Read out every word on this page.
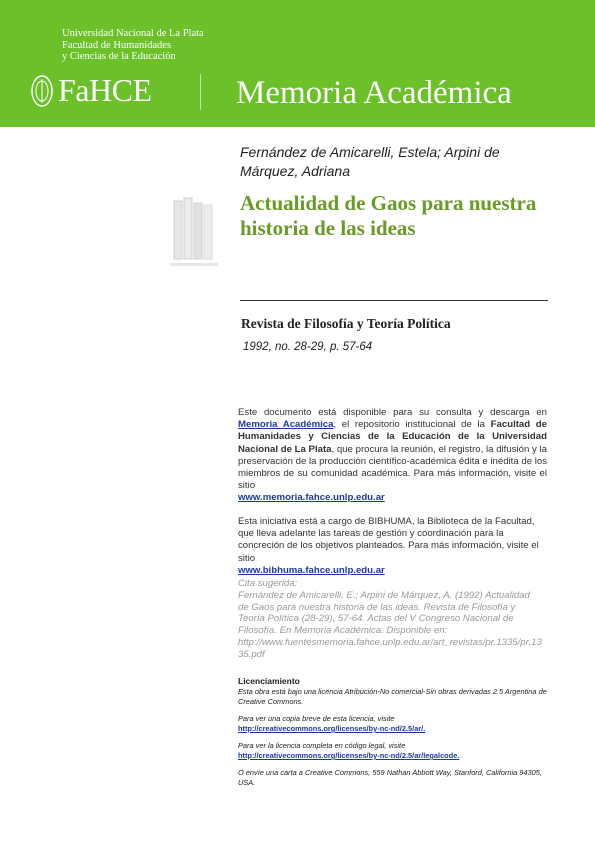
Universidad Nacional de La Plata
Facultad de Humanidades
y Ciencias de la Educación
FaHCE	Memoria Académica
Fernández de Amicarelli, Estela; Arpini de Márquez, Adriana
Actualidad de Gaos para nuestra historia de las ideas
Revista de Filosofía y Teoría Política
1992, no. 28-29, p. 57-64
Este documento está disponible para su consulta y descarga en Memoria Académica, el repositorio institucional de la Facultad de Humanidades y Ciencias de la Educación de la Universidad Nacional de La Plata, que procura la reunión, el registro, la difusión y la preservación de la producción científico-académica édita e inédita de los miembros de su comunidad académica. Para más información, visite el sitio
www.memoria.fahce.unlp.edu.ar
Esta iniciativa está a cargo de BIBHUMA, la Biblioteca de la Facultad, que lleva adelante las tareas de gestión y coordinación para la concreción de los objetivos planteados. Para más información, visite el sitio
www.bibhuma.fahce.unlp.edu.ar
Cita sugerida:
Fernández de Amicarelli, E.; Arpini de Márquez, A. (1992) Actualidad de Gaos para nuestra historia de las ideas. Revista de Filosofía y Teoría Política (28-29), 57-64. Actas del V Congreso Nacional de Filosofía. En Memoria Académica. Disponible en:
http://www.fuentesmemoria.fahce.unlp.edu.ar/art_revistas/pr.1335/pr.1335.pdf
Licenciamiento
Esta obra está bajo una licencia Atribución-No comercial-Sin obras derivadas 2.5 Argentina de Creative Commons.
Para ver una copia breve de esta licencia, visite
http://creativecommons.org/licenses/by-nc-nd/2.5/ar/.
Para ver la licencia completa en código legal, visite
http://creativecommons.org/licenses/by-nc-nd/2.5/ar/legalcode.
O envíe una carta a Creative Commons, 559 Nathan Abbott Way, Stanford, California 94305, USA.
